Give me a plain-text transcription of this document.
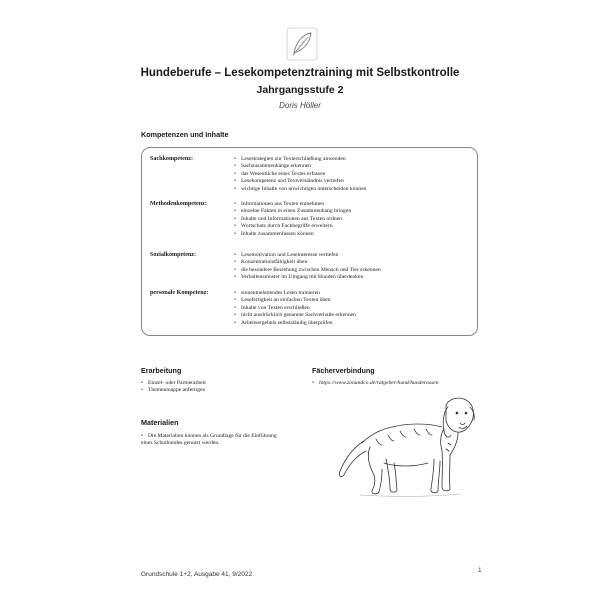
Hundeberufe – Lesekompetenztraining mit Selbstkontrolle
Jahrgangsstufe 2
Doris Höller
Kompetenzen und Inhalte
Sachkompetenz:	• Lesestrategien zur Texterschließung anwenden
• Sachzusammenhänge erkennen
• das Wesentliche eines Textes erfassen
• Lesekompetenz und Textverständnis vertiefen
• wichtige Inhalte von unwichtigen unterscheiden können
Methodenkompetenz:	• Informationen aus Texten entnehmen
• einzelne Fakten in einen Zusammenhang bringen
• Inhalte und Informationen aus Texten ordnen
• Wortschatz durch Fachbegriffe erweitern
• Inhalte zusammenfassen können
Sozialkompetenz:	• Lesemotivation und Leseinteresse vertiefen
• Konzentrationsfähigkeit üben
• die besondere Beziehung zwischen Mensch und Tier erkennen
• Verhaltensmuster im Umgang mit Hunden überdenken
personale Kompetenz:	• sinnentnehmendes Lesen trainieren
• Lesefertigkeit an einfachen Texten üben
• Inhalte von Texten erschließen
• nicht ausdrücklich genannte Sachverhalte erkennen
• Arbeitsergebnis selbstständig überprüfen
Erarbeitung
• Einzel- oder Partnerarbeit
• Themenmappe anfertigen
Fächerverbindung
• https://www.zooundco.de/ratgeber/hund/hunderassen
Materialien
• Die Materialien können als Grundlage für die Einführung
eines Schulhundes genutzt werden.
Grundschule 1+2, Ausgabe 41, 9/2022
1
